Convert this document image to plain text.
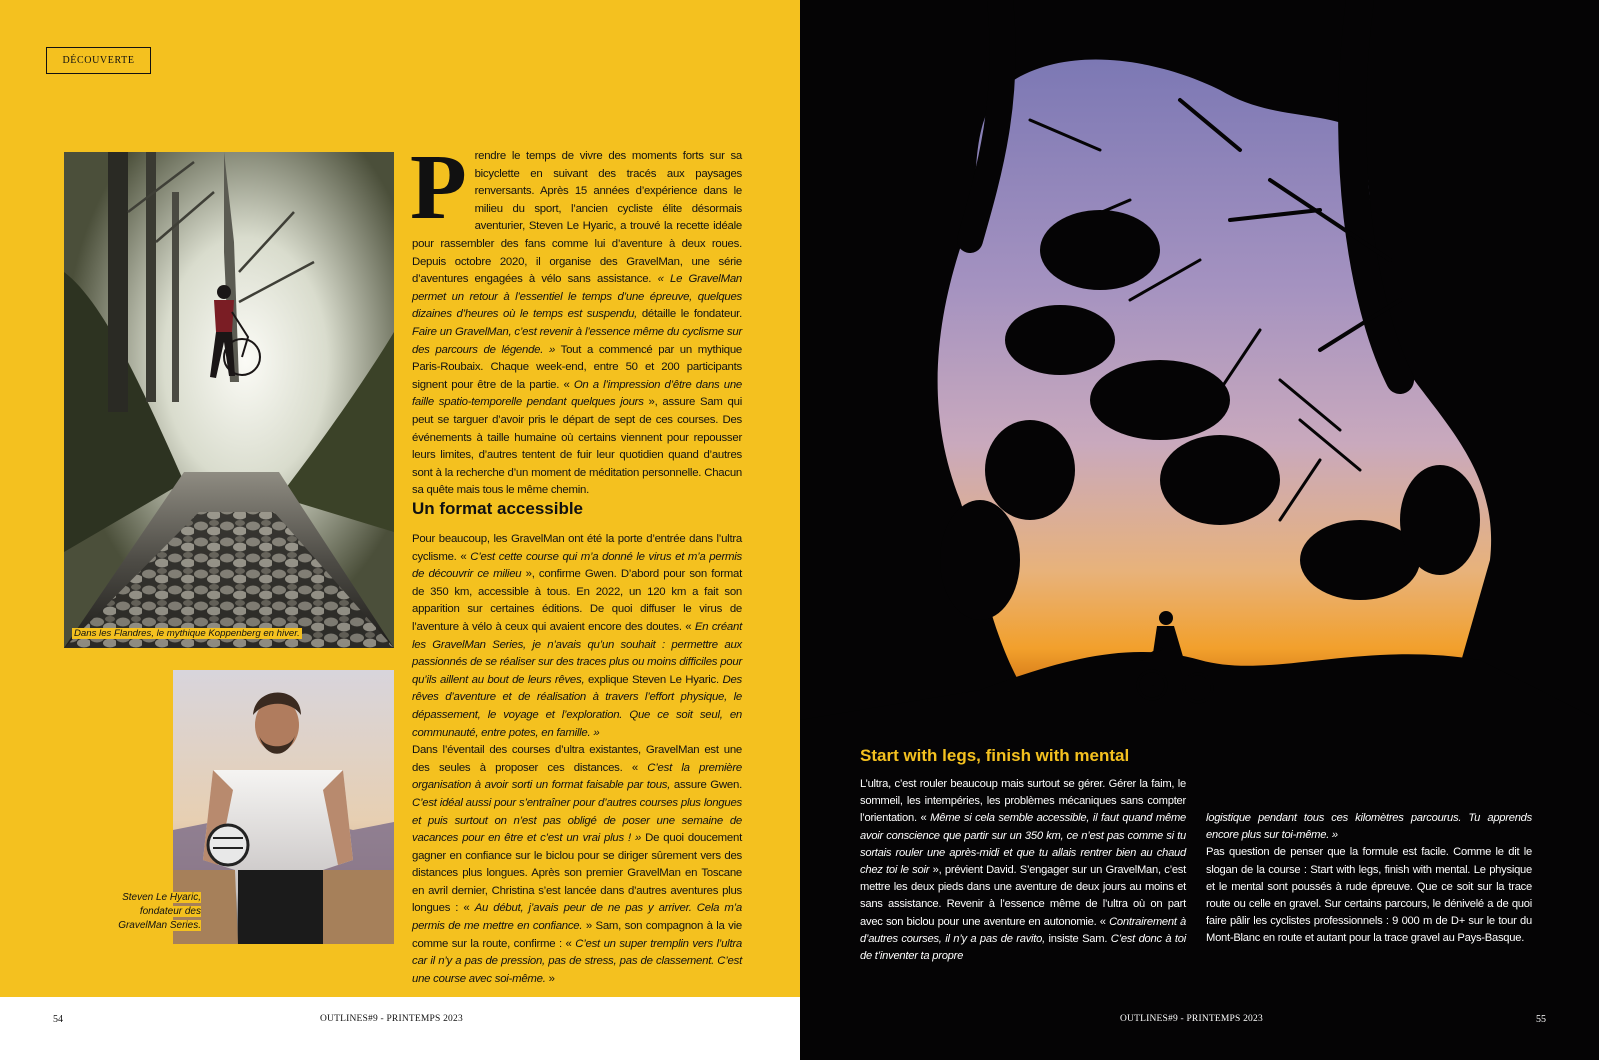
DÉCOUVERTE
Dans les Flandres, le mythique Koppenberg en hiver.
Steven Le Hyaric,
fondateur des
GravelMan Series.
Prendre le temps de vivre des moments forts sur sa bicyclette en suivant des tracés aux paysages renversants. Après 15 années d’expérience dans le milieu du sport, l’ancien cycliste élite désormais aventurier, Steven Le Hyaric, a trouvé la recette idéale pour rassembler des fans comme lui d’aventure à deux roues. Depuis octobre 2020, il organise des GravelMan, une série d’aventures engagées à vélo sans assistance. « Le GravelMan permet un retour à l’essentiel le temps d’une épreuve, quelques dizaines d’heures où le temps est suspendu, détaille le fondateur. Faire un GravelMan, c’est revenir à l’essence même du cyclisme sur des parcours de légende. » Tout a commencé par un mythique Paris-Roubaix. Chaque week-end, entre 50 et 200 participants signent pour être de la partie. « On a l’impression d’être dans une faille spatio-temporelle pendant quelques jours », assure Sam qui peut se targuer d’avoir pris le départ de sept de ces courses. Des événements à taille humaine où certains viennent pour repousser leurs limites, d’autres tentent de fuir leur quotidien quand d’autres sont à la recherche d’un moment de méditation personnelle. Chacun sa quête mais tous le même chemin.
Un format accessible

Pour beaucoup, les GravelMan ont été la porte d’entrée dans l’ultra cyclisme. « C’est cette course qui m’a donné le virus et m’a permis de découvrir ce milieu », confirme Gwen. D’abord pour son format de 350 km, accessible à tous. En 2022, un 120 km a fait son apparition sur certaines éditions. De quoi diffuser le virus de l’aventure à vélo à ceux qui avaient encore des doutes. « En créant les GravelMan Series, je n’avais qu’un souhait : permettre aux passionnés de se réaliser sur des traces plus ou moins difficiles pour qu’ils aillent au bout de leurs rêves, explique Steven Le Hyaric. Des rêves d’aventure et de réalisation à travers l’effort physique, le dépassement, le voyage et l’exploration. Que ce soit seul, en communauté, entre potes, en famille. »

Dans l’éventail des courses d’ultra existantes, GravelMan est une des seules à proposer ces distances. « C’est la première organisation à avoir sorti un format faisable par tous, assure Gwen. C’est idéal aussi pour s’entraîner pour d’autres courses plus longues et puis surtout on n’est pas obligé de poser une semaine de vacances pour en être et c’est un vrai plus ! » De quoi doucement gagner en confiance sur le biclou pour se diriger sûrement vers des distances plus longues. Après son premier GravelMan en Toscane en avril dernier, Christina s’est lancée dans d’autres aventures plus longues : « Au début, j’avais peur de ne pas y arriver. Cela m’a permis de me mettre en confiance. » Sam, son compagnon à la vie comme sur la route, confirme : « C’est un super tremplin vers l’ultra car il n’y a pas de pression, pas de stress, pas de classement. C’est une course avec soi-même. »

54	OUTLINES#9 - PRINTEMPS 2023
Start with legs, finish with mental
L’ultra, c’est rouler beaucoup mais surtout se gérer. Gérer la faim, le sommeil, les intempéries, les problèmes mécaniques sans compter l’orientation. « Même si cela semble accessible, il faut quand même avoir conscience que partir sur un 350 km, ce n’est pas comme si tu sortais rouler une après-midi et que tu allais rentrer bien au chaud chez toi le soir », prévient David. S’engager sur un GravelMan, c’est mettre les deux pieds dans une aventure de deux jours au moins et sans assistance. Revenir à l’essence même de l’ultra où on part avec son biclou pour une aventure en autonomie. « Contrairement à d’autres courses, il n’y a pas de ravito, insiste Sam. C’est donc à toi de t’inventer ta propre

logistique pendant tous ces kilomètres parcourus. Tu apprends encore plus sur toi-même. »

Pas question de penser que la formule est facile. Comme le dit le slogan de la course : Start with legs, finish with mental. Le physique et le mental sont poussés à rude épreuve. Que ce soit sur la trace route ou celle en gravel. Sur certains parcours, le dénivelé a de quoi faire pâlir les cyclistes professionnels : 9 000 m de D+ sur le tour du Mont-Blanc en route et autant pour la trace gravel au Pays-Basque.

OUTLINES#9 - PRINTEMPS 2023	55
